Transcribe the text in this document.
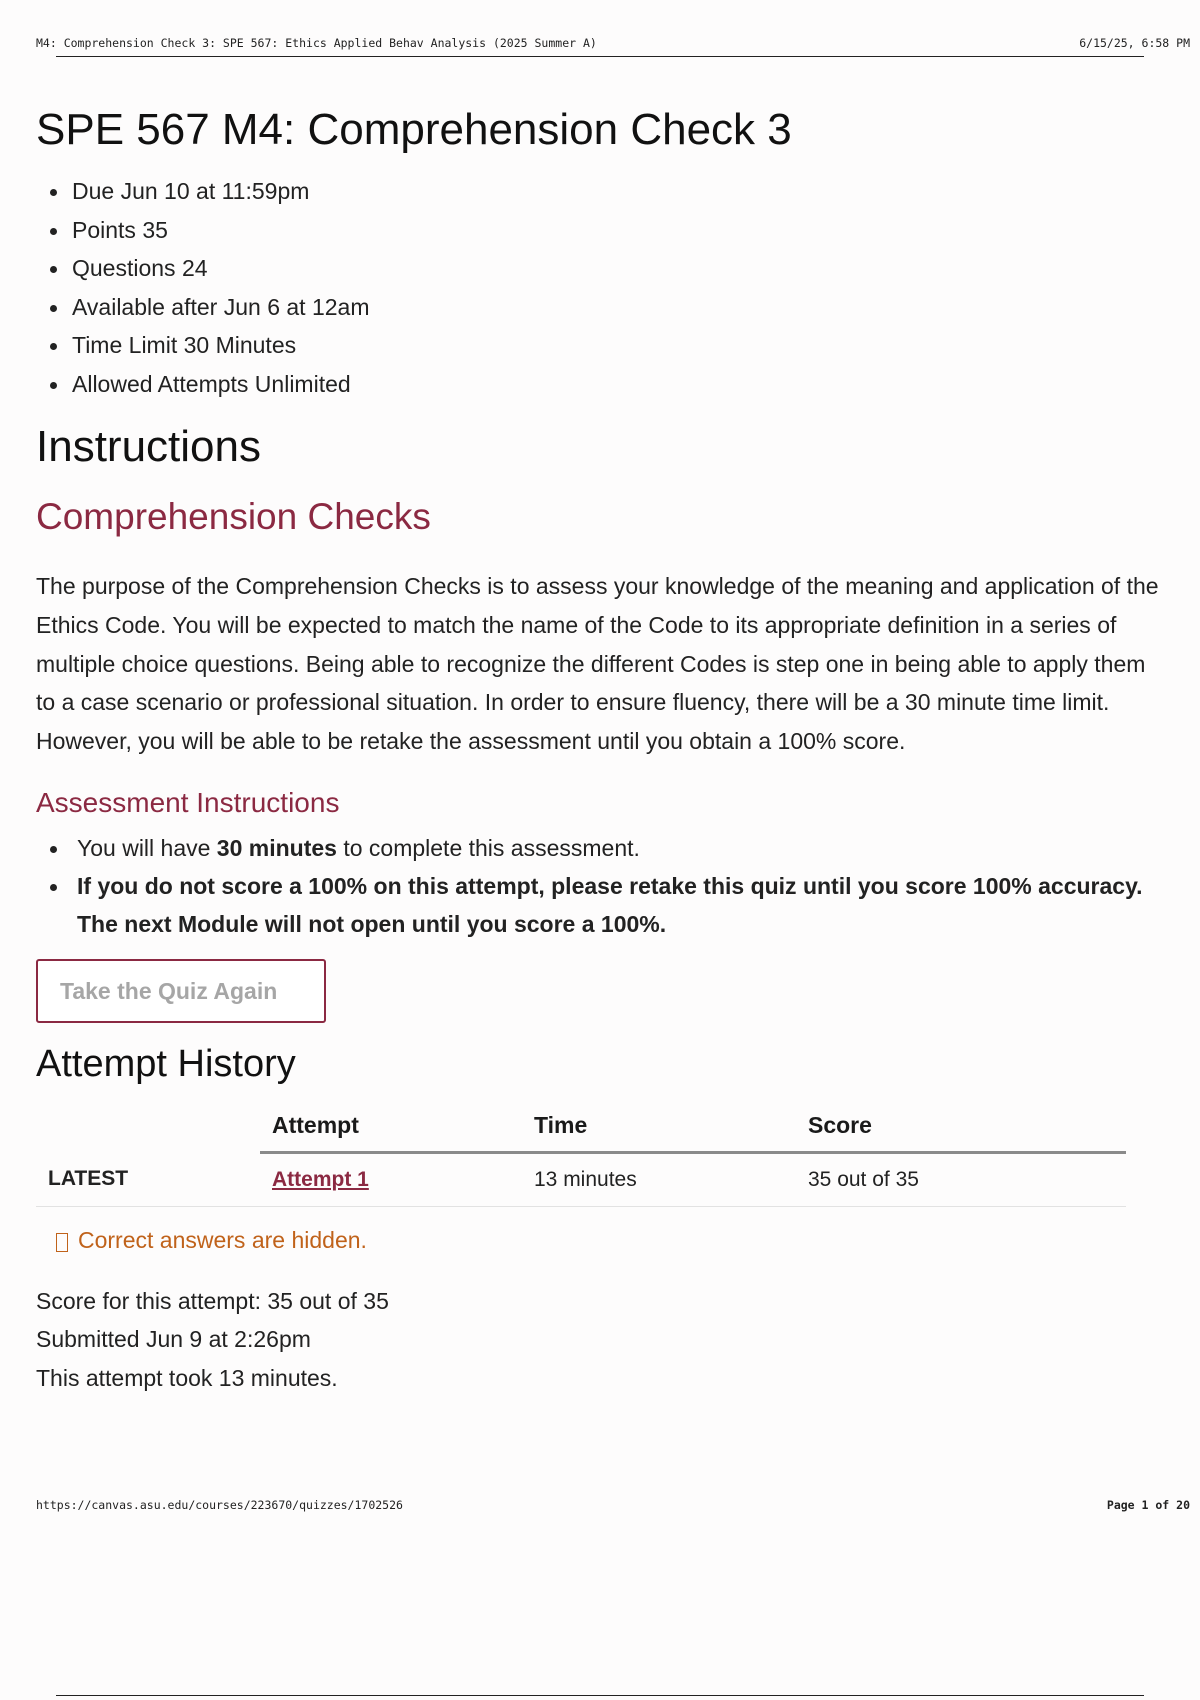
M4: Comprehension Check 3: SPE 567: Ethics Applied Behav Analysis (2025 Summer A)	6/15/25, 6:58 PM
SPE 567 M4: Comprehension Check 3
Due Jun 10 at 11:59pm
Points 35
Questions 24
Available after Jun 6 at 12am
Time Limit 30 Minutes
Allowed Attempts Unlimited
Instructions
Comprehension Checks

The purpose of the Comprehension Checks is to assess your knowledge of the meaning and application of the Ethics Code. You will be expected to match the name of the Code to its appropriate definition in a series of multiple choice questions. Being able to recognize the different Codes is step one in being able to apply them to a case scenario or professional situation. In order to ensure fluency, there will be a 30 minute time limit. However, you will be able to be retake the assessment until you obtain a 100% score.

Assessment Instructions
You will have 30 minutes to complete this assessment.
If you do not score a 100% on this attempt, please retake this quiz until you score 100% accuracy. The next Module will not open until you score a 100%.
Take the Quiz Again
Attempt History
	Attempt	Time	Score
LATEST	Attempt 1	13 minutes	35 out of 35
Correct answers are hidden.
Score for this attempt: 35 out of 35
Submitted Jun 9 at 2:26pm
This attempt took 13 minutes.
https://canvas.asu.edu/courses/223670/quizzes/1702526	Page 1 of 20
